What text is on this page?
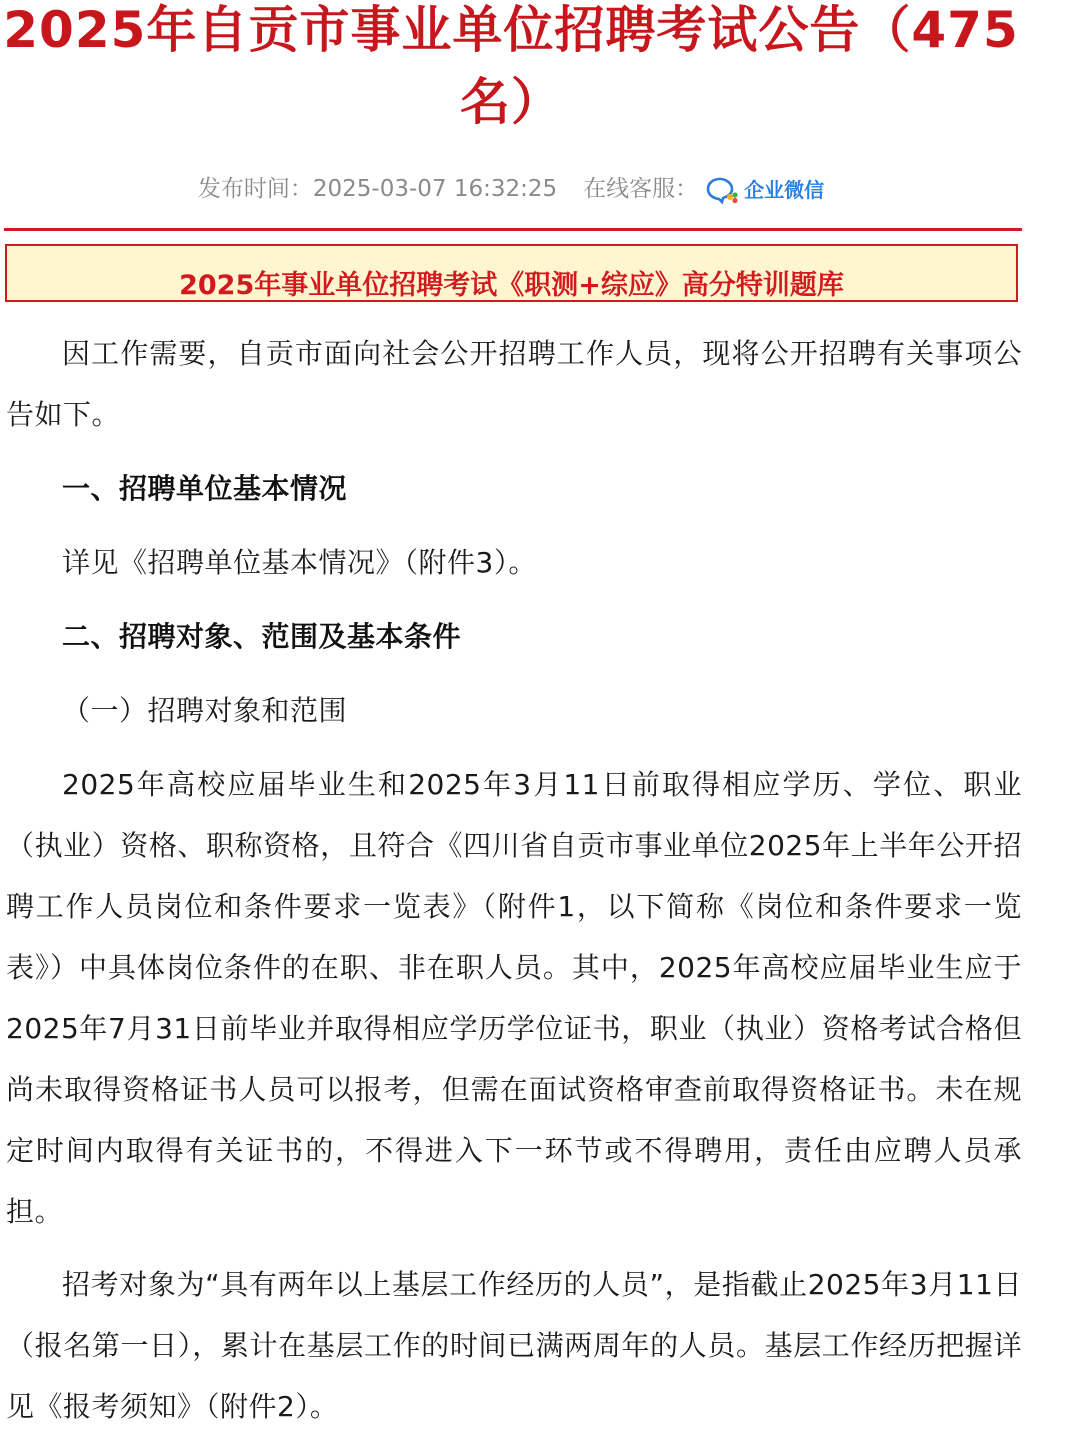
2025年自贡市事业单位招聘考试公告（475名）
发布时间：2025-03-07 16:32:25 在线客服： 企业微信
2025年事业单位招聘考试《职测+综应》高分特训题库

因工作需要，自贡市面向社会公开招聘工作人员，现将公开招聘有关事项公告如下。

一、招聘单位基本情况

详见《招聘单位基本情况》（附件3）。

二、招聘对象、范围及基本条件

（一）招聘对象和范围

2025年高校应届毕业生和2025年3月11日前取得相应学历、学位、职业（执业）资格、职称资格，且符合《四川省自贡市事业单位2025年上半年公开招聘工作人员岗位和条件要求一览表》（附件1，以下简称《岗位和条件要求一览表》）中具体岗位条件的在职、非在职人员。其中，2025年高校应届毕业生应于2025年7月31日前毕业并取得相应学历学位证书，职业（执业）资格考试合格但尚未取得资格证书人员可以报考，但需在面试资格审查前取得资格证书。未在规定时间内取得有关证书的，不得进入下一环节或不得聘用，责任由应聘人员承担。

招考对象为“具有两年以上基层工作经历的人员”，是指截止2025年3月11日（报名第一日），累计在基层工作的时间已满两周年的人员。基层工作经历把握详见《报考须知》（附件2）。
